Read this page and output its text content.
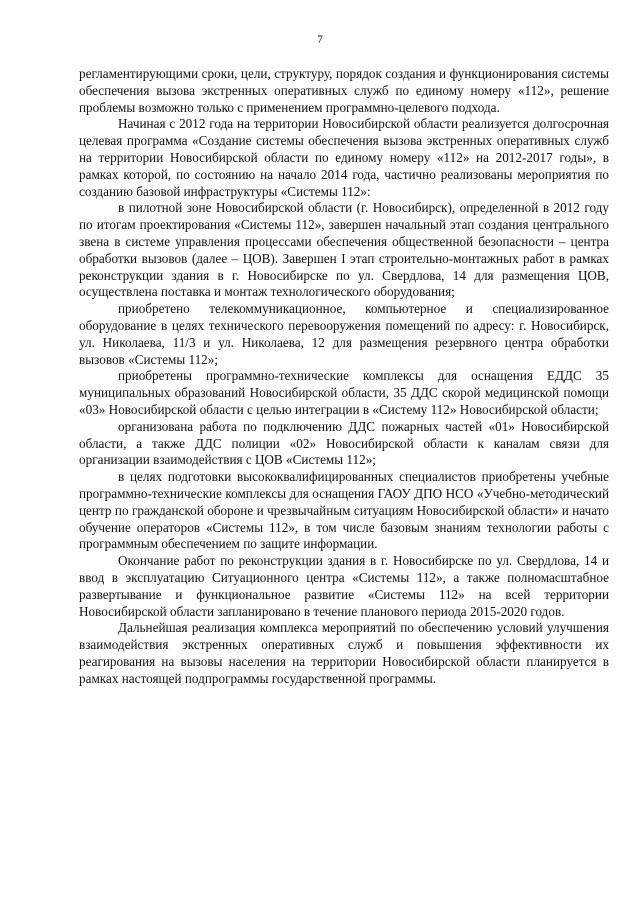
7

регламентирующими сроки, цели, структуру, порядок создания и функционирования системы обеспечения вызова экстренных оперативных служб по единому номеру «112», решение проблемы возможно только с применением программно-целевого подхода.

Начиная с 2012 года на территории Новосибирской области реализуется долгосрочная целевая программа «Создание системы обеспечения вызова экстренных оперативных служб на территории Новосибирской области по единому номеру «112» на 2012-2017 годы», в рамках которой, по состоянию на начало 2014 года, частично реализованы мероприятия по созданию базовой инфраструктуры «Системы 112»:

в пилотной зоне Новосибирской области (г. Новосибирск), определенной в 2012 году по итогам проектирования «Системы 112», завершен начальный этап создания центрального звена в системе управления процессами обеспечения общественной безопасности – центра обработки вызовов (далее – ЦОВ). Завершен I этап строительно-монтажных работ в рамках реконструкции здания в г. Новосибирске по ул. Свердлова, 14 для размещения ЦОВ, осуществлена поставка и монтаж технологического оборудования;

приобретено телекоммуникационное, компьютерное и специализированное оборудование в целях технического перевооружения помещений по адресу: г. Новосибирск, ул. Николаева, 11/3 и ул. Николаева, 12 для размещения резервного центра обработки вызовов «Системы 112»;

приобретены программно-технические комплексы для оснащения ЕДДС 35 муниципальных образований Новосибирской области, 35 ДДС скорой медицинской помощи «03» Новосибирской области с целью интеграции в «Систему 112» Новосибирской области;

организована работа по подключению ДДС пожарных частей «01» Новосибирской области, а также ДДС полиции «02» Новосибирской области к каналам связи для организации взаимодействия с ЦОВ «Системы 112»;

в целях подготовки высококвалифицированных специалистов приобретены учебные программно-технические комплексы для оснащения ГАОУ ДПО НСО «Учебно-методический центр по гражданской обороне и чрезвычайным ситуациям Новосибирской области» и начато обучение операторов «Системы 112», в том числе базовым знаниям технологии работы с программным обеспечением по защите информации.

Окончание работ по реконструкции здания в г. Новосибирске по ул. Свердлова, 14 и ввод в эксплуатацию Ситуационного центра «Системы 112», а также полномасштабное развертывание и функциональное развитие «Системы 112» на всей территории Новосибирской области запланировано в течение планового периода 2015-2020 годов.

Дальнейшая реализация комплекса мероприятий по обеспечению условий улучшения взаимодействия экстренных оперативных служб и повышения эффективности их реагирования на вызовы населения на территории Новосибирской области планируется в рамках настоящей подпрограммы государственной программы.
